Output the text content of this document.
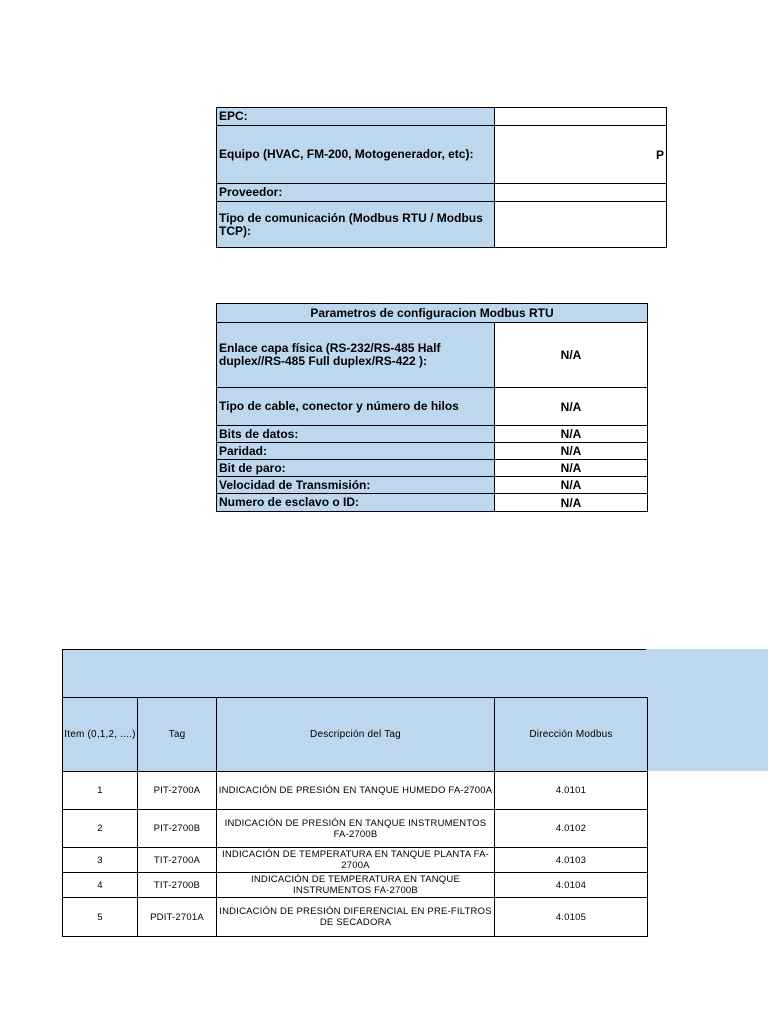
EPC:	
Equipo (HVAC, FM-200, Motogenerador, etc):	P
Proveedor:	
Tipo de comunicación (Modbus RTU / Modbus TCP):	
Parametros de configuracion Modbus RTU	
Enlace capa física (RS-232/RS-485 Half duplex//RS-485 Full duplex/RS-422 ):	N/A
Tipo de cable, conector y número de hilos	N/A
Bits de datos:	N/A
Paridad:	N/A
Bit de paro:	N/A
Velocidad de Transmisión:	N/A
Numero de esclavo o ID:	N/A
Item (0,1,2, ....)	Tag	Descripción del Tag	Dirección Modbus
1	PIT-2700A	INDICACIÓN DE PRESIÓN EN TANQUE HUMEDO FA-2700A	4.0101
2	PIT-2700B	INDICACIÓN DE PRESIÓN EN TANQUE INSTRUMENTOS FA-2700B	4.0102
3	TIT-2700A	INDICACIÓN DE TEMPERATURA EN TANQUE PLANTA FA-2700A	4.0103
4	TIT-2700B	INDICACIÓN DE TEMPERATURA EN TANQUE INSTRUMENTOS FA-2700B	4.0104
5	PDIT-2701A	INDICACIÓN DE PRESIÓN DIFERENCIAL EN PRE-FILTROS DE SECADORA	4.0105
